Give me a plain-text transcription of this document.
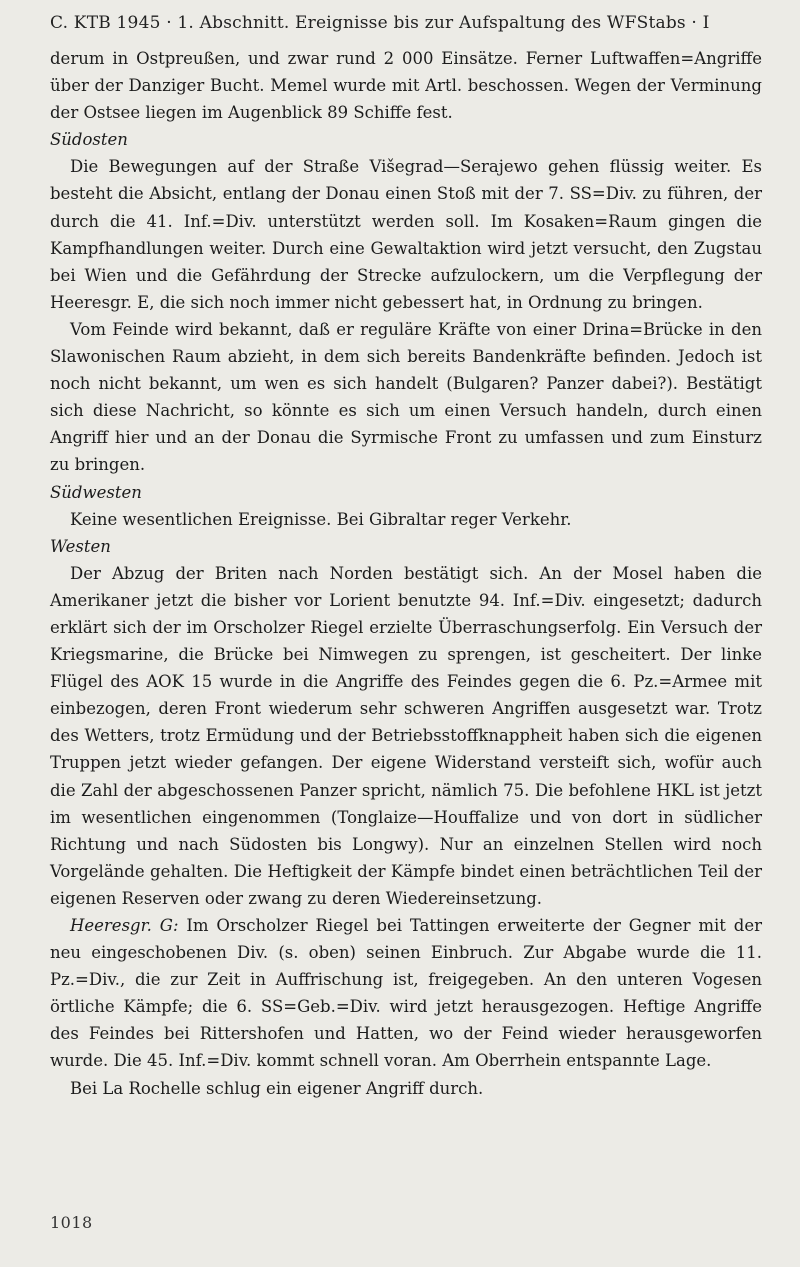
C. KTB 1945 · 1. Abschnitt. Ereignisse bis zur Aufspaltung des WFStabs · I

derum in Ostpreußen, und zwar rund 2 000 Einsätze. Ferner Luftwaffen=Angriffe über der Danziger Bucht. Memel wurde mit Artl. beschossen. Wegen der Verminung der Ostsee liegen im Augenblick 89 Schiffe fest.

Südosten

Die Bewegungen auf der Straße Višegrad—Serajewo gehen flüssig weiter. Es besteht die Absicht, entlang der Donau einen Stoß mit der 7. SS=Div. zu führen, der durch die 41. Inf.=Div. unterstützt werden soll. Im Kosaken=Raum gingen die Kampfhandlungen weiter. Durch eine Gewaltaktion wird jetzt versucht, den Zugstau bei Wien und die Gefährdung der Strecke aufzulockern, um die Verpflegung der Heeresgr. E, die sich noch immer nicht gebessert hat, in Ordnung zu bringen.

Vom Feinde wird bekannt, daß er reguläre Kräfte von einer Drina=Brücke in den Slawonischen Raum abzieht, in dem sich bereits Bandenkräfte befinden. Jedoch ist noch nicht bekannt, um wen es sich handelt (Bulgaren? Panzer dabei?). Bestätigt sich diese Nachricht, so könnte es sich um einen Versuch handeln, durch einen Angriff hier und an der Donau die Syrmische Front zu umfassen und zum Einsturz zu bringen.

Südwesten

Keine wesentlichen Ereignisse. Bei Gibraltar reger Verkehr.

Westen

Der Abzug der Briten nach Norden bestätigt sich. An der Mosel haben die Amerikaner jetzt die bisher vor Lorient benutzte 94. Inf.=Div. eingesetzt; dadurch erklärt sich der im Orscholzer Riegel erzielte Überraschungserfolg. Ein Versuch der Kriegsmarine, die Brücke bei Nimwegen zu sprengen, ist gescheitert. Der linke Flügel des AOK 15 wurde in die Angriffe des Feindes gegen die 6. Pz.=Armee mit einbezogen, deren Front wiederum sehr schweren Angriffen ausgesetzt war. Trotz des Wetters, trotz Ermüdung und der Betriebsstoffknappheit haben sich die eigenen Truppen jetzt wieder gefangen. Der eigene Widerstand versteift sich, wofür auch die Zahl der abgeschossenen Panzer spricht, nämlich 75. Die befohlene HKL ist jetzt im wesentlichen eingenommen (Tonglaize—Houffalize und von dort in südlicher Richtung und nach Südosten bis Longwy). Nur an einzelnen Stellen wird noch Vorgelände gehalten. Die Heftigkeit der Kämpfe bindet einen beträchtlichen Teil der eigenen Reserven oder zwang zu deren Wiedereinsetzung.

Heeresgr. G: Im Orscholzer Riegel bei Tattingen erweiterte der Gegner mit der neu eingeschobenen Div. (s. oben) seinen Einbruch. Zur Abgabe wurde die 11. Pz.=Div., die zur Zeit in Auffrischung ist, freigegeben. An den unteren Vogesen örtliche Kämpfe; die 6. SS=Geb.=Div. wird jetzt herausgezogen. Heftige Angriffe des Feindes bei Rittershofen und Hatten, wo der Feind wieder herausgeworfen wurde. Die 45. Inf.=Div. kommt schnell voran. Am Oberrhein entspannte Lage.

Bei La Rochelle schlug ein eigener Angriff durch.

1018
